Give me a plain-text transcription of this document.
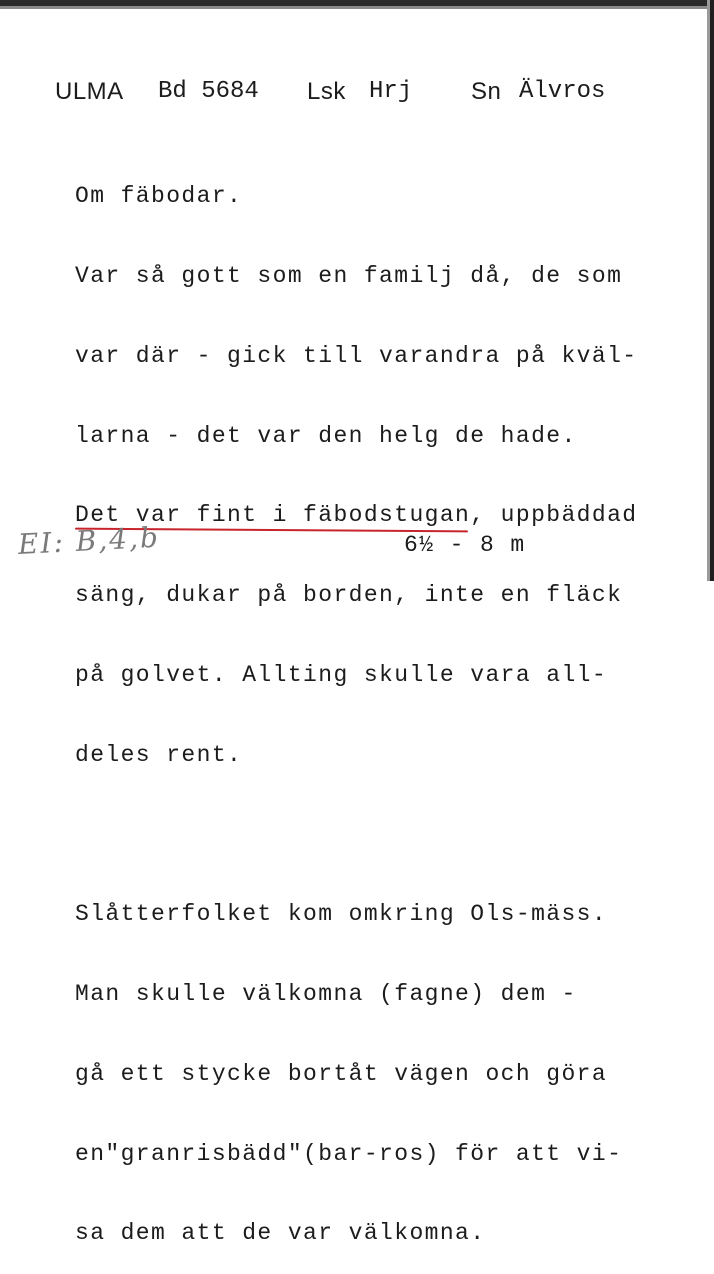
ULMA Bd 5684 Lsk Hrj Sn Älvros

Om fäbodar.

Var så gott som en familj då, de som

var där - gick till varandra på kväl-

larna - det var den helg de hade.

Det var fint i fäbodstugan
, uppbäddad

säng, dukar på borden, inte en fläck

på golvet. Allting skulle vara all-

deles rent.

Slåtterfolket kom omkring Ols-mäss.

Man skulle välkomna (fagne) dem -

gå ett stycke bortåt vägen och göra

en"granrisbädd"(bar-ros) för att vi-

sa dem att de var välkomna.

EI: B,4,b	6½ - 8 m
